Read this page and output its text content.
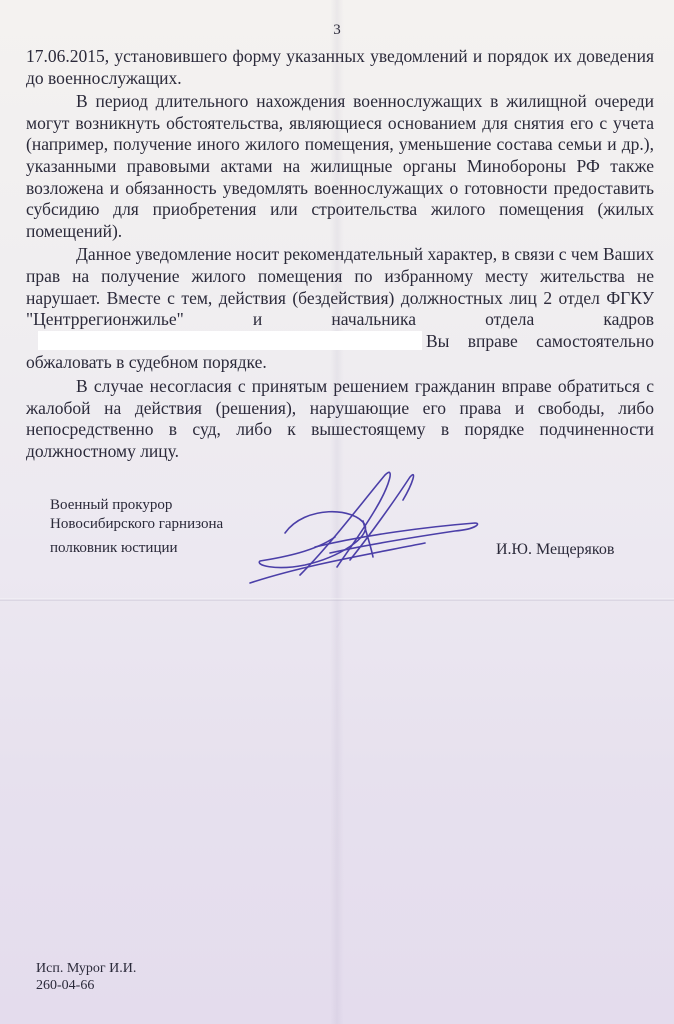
3

17.06.2015, установившего форму указанных уведомлений и порядок их доведения до военнослужащих.

В период длительного нахождения военнослужащих в жилищной очереди могут возникнуть обстоятельства, являющиеся основанием для снятия его с учета (например, получение иного жилого помещения, уменьшение состава семьи и др.), указанными правовыми актами на жилищные органы Минобороны РФ также возложена и обязанность уведомлять военнослужащих о готовности предоставить субсидию для приобретения или строительства жилого помещения (жилых помещений).

Данное уведомление носит рекомендательный характер, в связи с чем Ваших прав на получение жилого помещения по избранному месту жительства не нарушает. Вместе с тем, действия (бездействия) должностных лиц 2 отдел ФГКУ "Центррегионжилье" и начальника отдела кадровВы вправе самостоятельно обжаловать в судебном порядке.

В случае несогласия с принятым решением гражданин вправе обратиться с жалобой на действия (решения), нарушающие его права и свободы, либо непосредственно в суд, либо к вышестоящему в порядке подчиненности должностному лицу.

Военный прокурор
Новосибирского гарнизона
полковник юстиции	И.Ю. Мещеряков
Исп. Мурог И.И.
260-04-66
